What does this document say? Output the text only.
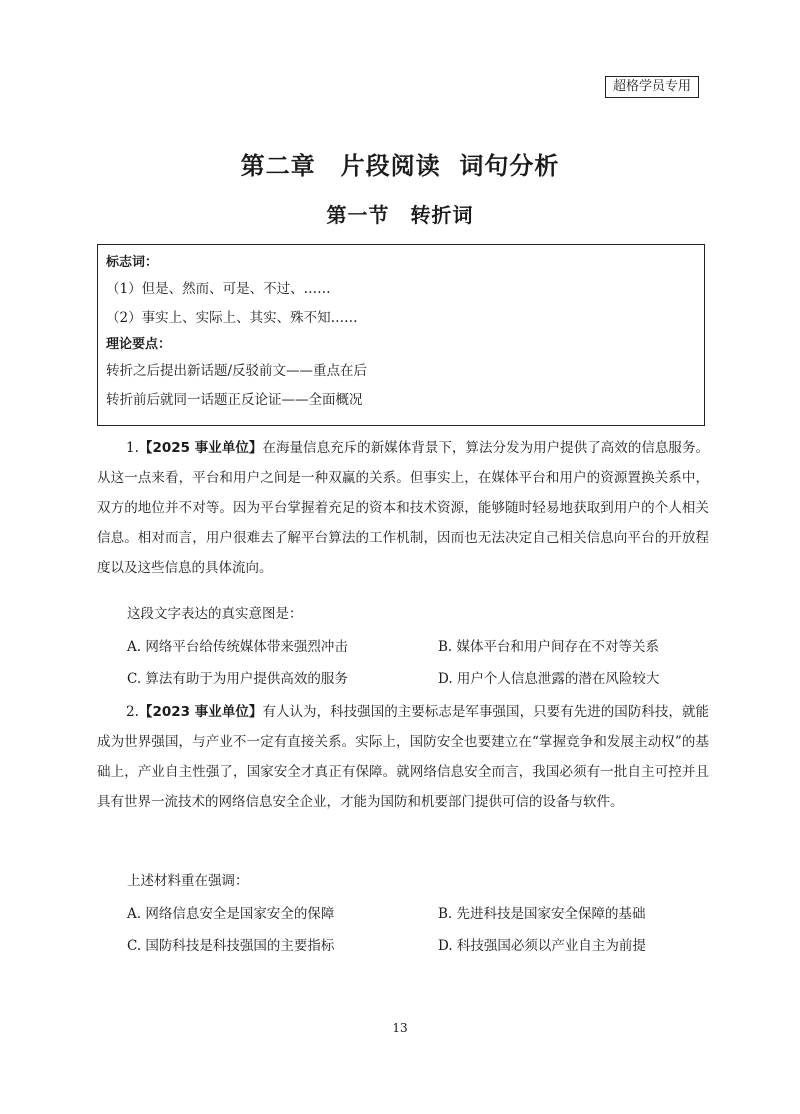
超格学员专用
第二章　片段阅读  词句分析
第一节　转折词
标志词：
（1）但是、然而、可是、不过、……
（2）事实上、实际上、其实、殊不知……
理论要点：
转折之后提出新话题/反驳前文——重点在后
转折前后就同一话题正反论证——全面概况

1.【2025 事业单位】在海量信息充斥的新媒体背景下，算法分发为用户提供了高效的信息服务。从这一点来看，平台和用户之间是一种双赢的关系。但事实上，在媒体平台和用户的资源置换关系中，双方的地位并不对等。因为平台掌握着充足的资本和技术资源，能够随时轻易地获取到用户的个人相关信息。相对而言，用户很难去了解平台算法的工作机制，因而也无法决定自己相关信息向平台的开放程度以及这些信息的具体流向。

这段文字表达的真实意图是：
A. 网络平台给传统媒体带来强烈冲击	B. 媒体平台和用户间存在不对等关系
C. 算法有助于为用户提供高效的服务	D. 用户个人信息泄露的潜在风险较大

2.【2023 事业单位】有人认为，科技强国的主要标志是军事强国，只要有先进的国防科技，就能成为世界强国，与产业不一定有直接关系。实际上，国防安全也要建立在“掌握竞争和发展主动权”的基础上，产业自主性强了，国家安全才真正有保障。就网络信息安全而言，我国必须有一批自主可控并且具有世界一流技术的网络信息安全企业，才能为国防和机要部门提供可信的设备与软件。

上述材料重在强调：
A. 网络信息安全是国家安全的保障	B. 先进科技是国家安全保障的基础
C. 国防科技是科技强国的主要指标	D. 科技强国必须以产业自主为前提
13
